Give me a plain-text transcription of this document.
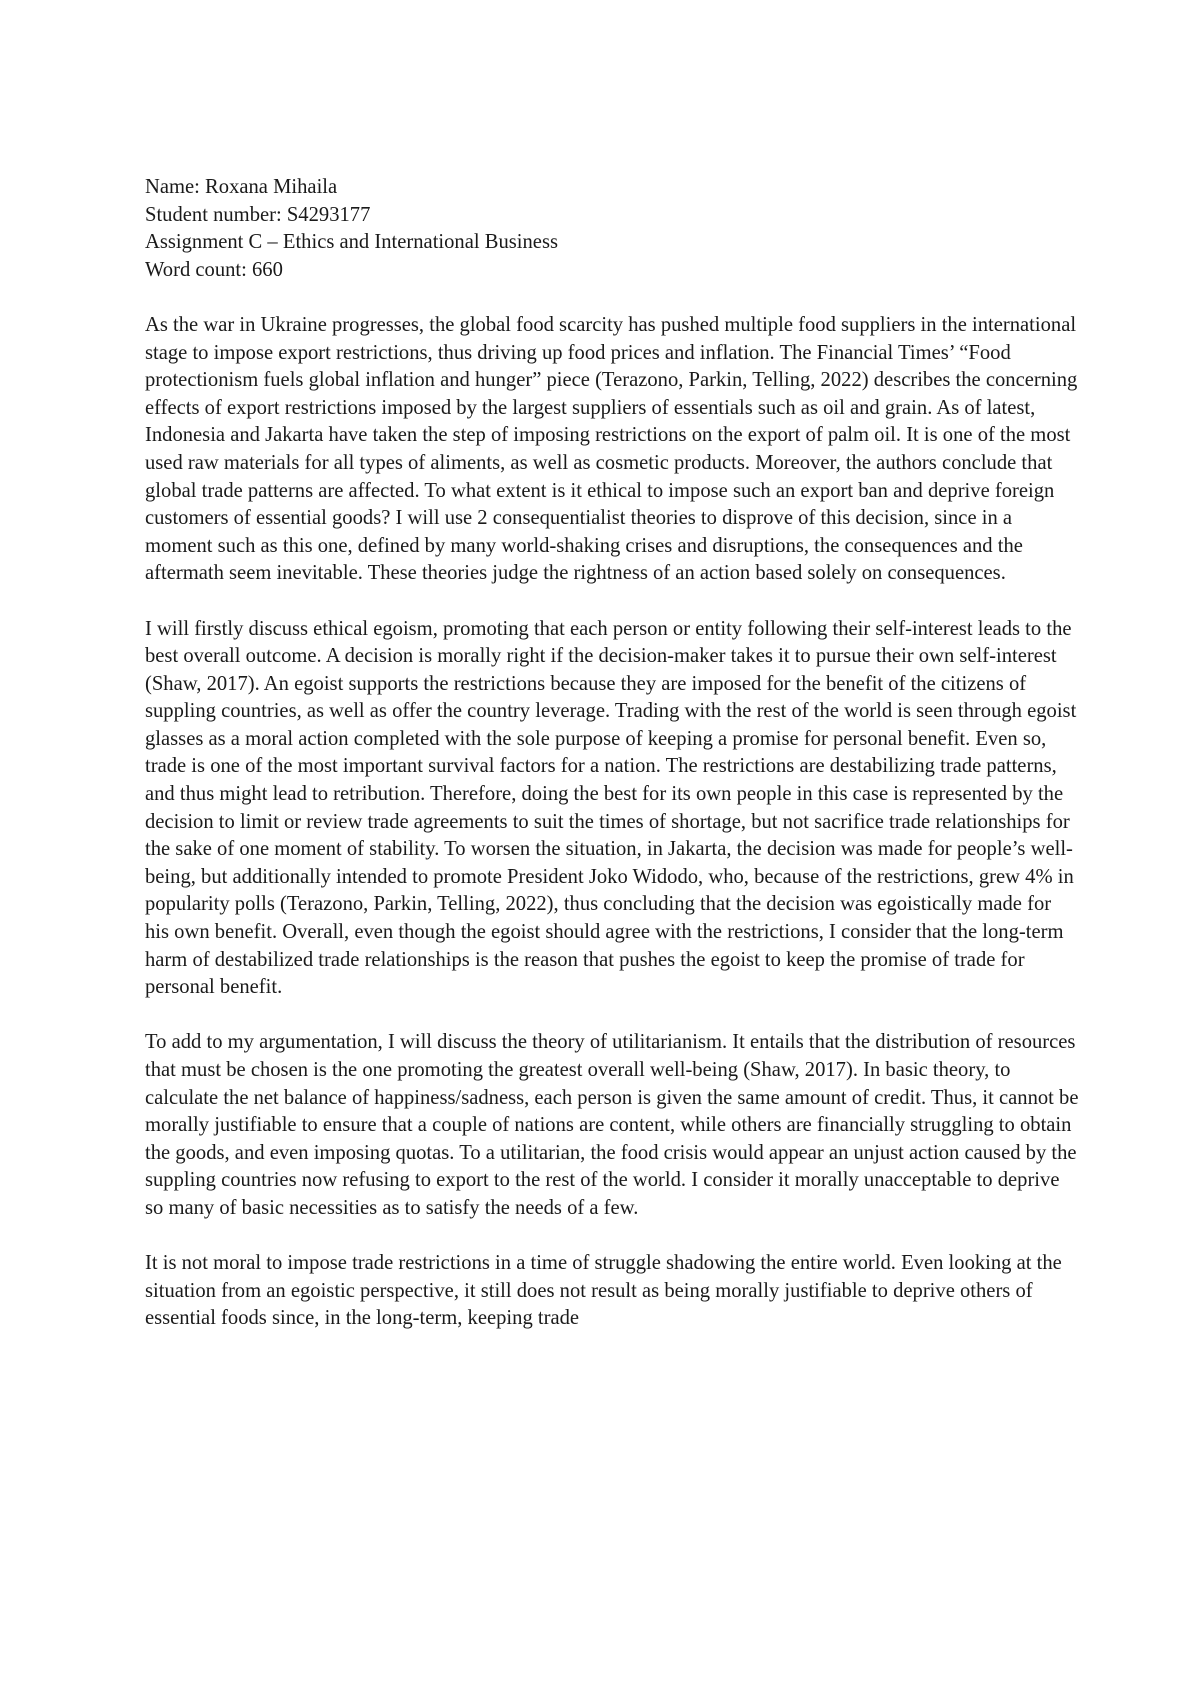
Name: Roxana Mihaila
Student number: S4293177
Assignment C – Ethics and International Business
Word count: 660

As the war in Ukraine progresses, the global food scarcity has pushed multiple food suppliers in the international stage to impose export restrictions, thus driving up food prices and inflation. The Financial Times’ “Food protectionism fuels global inflation and hunger” piece (Terazono, Parkin, Telling, 2022) describes the concerning effects of export restrictions imposed by the largest suppliers of essentials such as oil and grain. As of latest, Indonesia and Jakarta have taken the step of imposing restrictions on the export of palm oil. It is one of the most used raw materials for all types of aliments, as well as cosmetic products. Moreover, the authors conclude that global trade patterns are affected. To what extent is it ethical to impose such an export ban and deprive foreign customers of essential goods? I will use 2 consequentialist theories to disprove of this decision, since in a moment such as this one, defined by many world-shaking crises and disruptions, the consequences and the aftermath seem inevitable. These theories judge the rightness of an action based solely on consequences.

I will firstly discuss ethical egoism, promoting that each person or entity following their self-interest leads to the best overall outcome. A decision is morally right if the decision-maker takes it to pursue their own self-interest (Shaw, 2017). An egoist supports the restrictions because they are imposed for the benefit of the citizens of suppling countries, as well as offer the country leverage. Trading with the rest of the world is seen through egoist glasses as a moral action completed with the sole purpose of keeping a promise for personal benefit. Even so, trade is one of the most important survival factors for a nation. The restrictions are destabilizing trade patterns, and thus might lead to retribution. Therefore, doing the best for its own people in this case is represented by the decision to limit or review trade agreements to suit the times of shortage, but not sacrifice trade relationships for the sake of one moment of stability. To worsen the situation, in Jakarta, the decision was made for people’s well-being, but additionally intended to promote President Joko Widodo, who, because of the restrictions, grew 4% in popularity polls (Terazono, Parkin, Telling, 2022), thus concluding that the decision was egoistically made for his own benefit. Overall, even though the egoist should agree with the restrictions, I consider that the long-term harm of destabilized trade relationships is the reason that pushes the egoist to keep the promise of trade for personal benefit.

To add to my argumentation, I will discuss the theory of utilitarianism. It entails that the distribution of resources that must be chosen is the one promoting the greatest overall well-being (Shaw, 2017). In basic theory, to calculate the net balance of happiness/sadness, each person is given the same amount of credit. Thus, it cannot be morally justifiable to ensure that a couple of nations are content, while others are financially struggling to obtain the goods, and even imposing quotas. To a utilitarian, the food crisis would appear an unjust action caused by the suppling countries now refusing to export to the rest of the world. I consider it morally unacceptable to deprive so many of basic necessities as to satisfy the needs of a few.

It is not moral to impose trade restrictions in a time of struggle shadowing the entire world. Even looking at the situation from an egoistic perspective, it still does not result as being morally justifiable to deprive others of essential foods since, in the long-term, keeping trade
